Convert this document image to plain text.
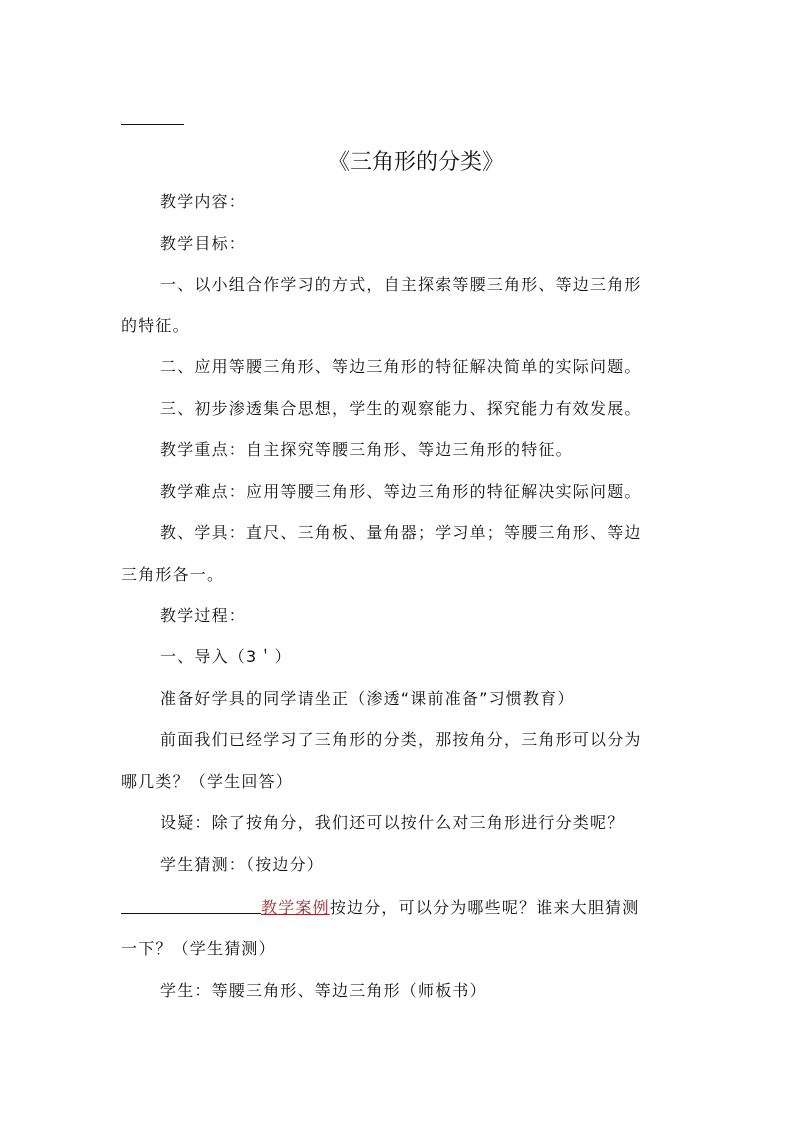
《三角形的分类》
教学内容：
教学目标：
一、以小组合作学习的方式，自主探索等腰三角形、等边三角形
的特征。
二、应用等腰三角形、等边三角形的特征解决简单的实际问题。
三、初步渗透集合思想，学生的观察能力、探究能力有效发展。
教学重点：自主探究等腰三角形、等边三角形的特征。
教学难点：应用等腰三角形、等边三角形的特征解决实际问题。
教、学具：直尺、三角板、量角器；学习单；等腰三角形、等边
三角形各一。
教学过程：
一、导入（3＇）
准备好学具的同学请坐正（渗透“课前准备”习惯教育）
前面我们已经学习了三角形的分类，那按角分，三角形可以分为
哪几类？（学生回答）
设疑：除了按角分，我们还可以按什么对三角形进行分类呢？
学生猜测：（按边分）
教学案例按边分，可以分为哪些呢？谁来大胆猜测
一下？（学生猜测）
学生：等腰三角形、等边三角形（师板书）
